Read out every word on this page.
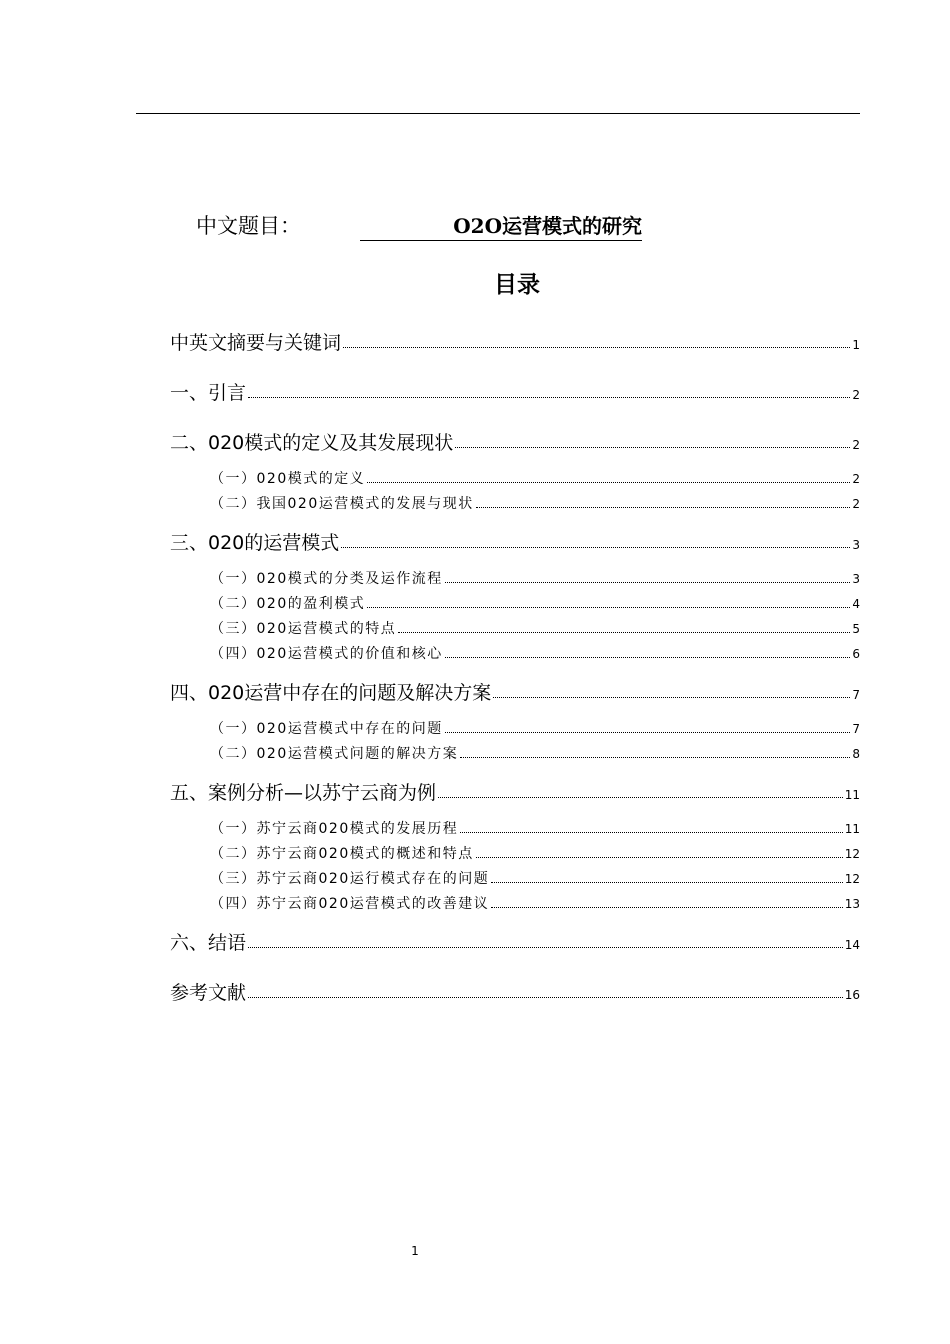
中文题目：	O2O运营模式的研究
目录
中英文摘要与关键词	1
一、引言	2
二、020模式的定义及其发展现状	2
（一）020模式的定义	2
（二）我国020运营模式的发展与现状	2
三、020的运营模式	3
（一）020模式的分类及运作流程	3
（二）020的盈利模式	4
（三）020运营模式的特点	5
（四）020运营模式的价值和核心	6
四、020运营中存在的问题及解决方案	7
（一）020运营模式中存在的问题	7
（二）020运营模式问题的解决方案	8
五、案例分析—以苏宁云商为例	11
（一）苏宁云商020模式的发展历程	11
（二）苏宁云商020模式的概述和特点	12
（三）苏宁云商020运行模式存在的问题	12
（四）苏宁云商020运营模式的改善建议	13
六、结语	14
参考文献	16
1
